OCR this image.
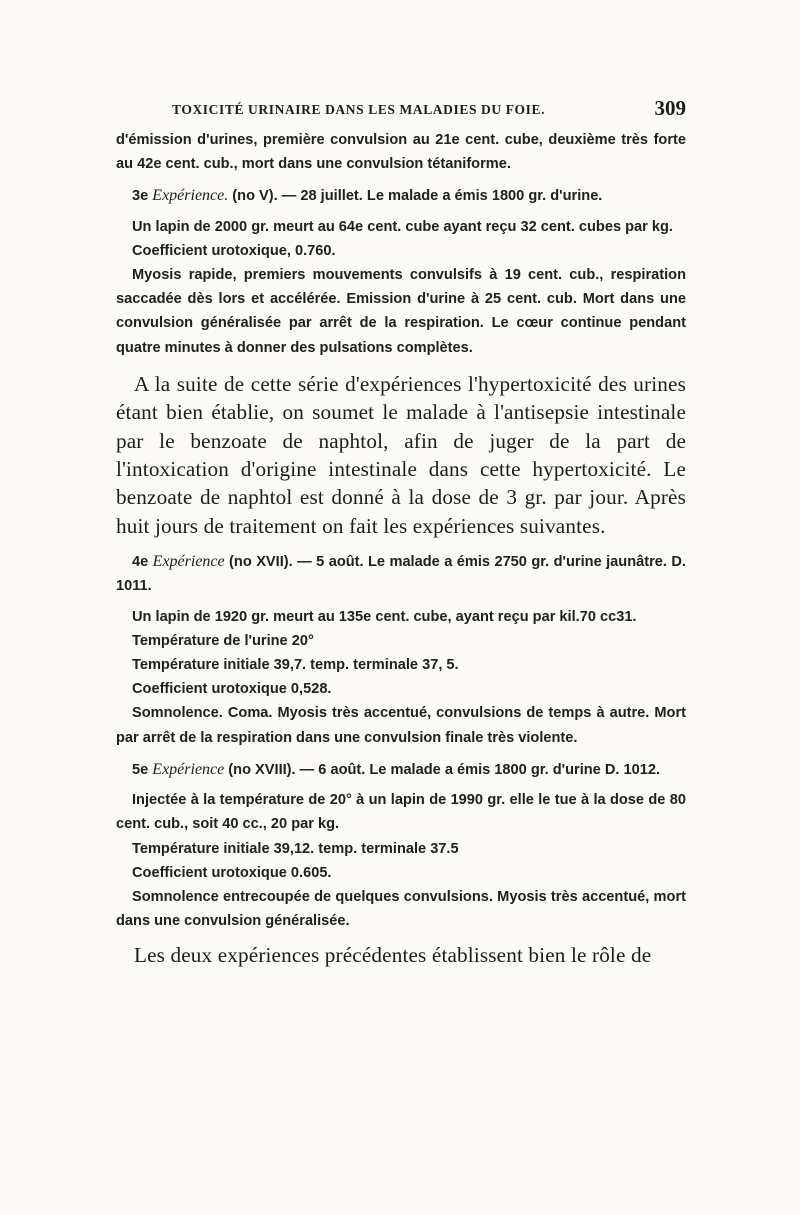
TOXICITÉ URINAIRE DANS LES MALADIES DU FOIE.	309

d'émission d'urines, première convulsion au 21e cent. cube, deuxième très forte au 42e cent. cub., mort dans une convulsion tétaniforme.

3e Expérience. (no V). — 28 juillet. Le malade a émis 1800 gr. d'urine.

Un lapin de 2000 gr. meurt au 64e cent. cube ayant reçu 32 cent. cubes par kg.

Coefficient urotoxique, 0.760.

Myosis rapide, premiers mouvements convulsifs à 19 cent. cub., respiration saccadée dès lors et accélérée. Emission d'urine à 25 cent. cub. Mort dans une convulsion généralisée par arrêt de la respiration. Le cœur continue pendant quatre minutes à donner des pulsations complètes.

A la suite de cette série d'expériences l'hypertoxicité des urines étant bien établie, on soumet le malade à l'antisepsie intestinale par le benzoate de naphtol, afin de juger de la part de l'intoxication d'origine intestinale dans cette hypertoxicité. Le benzoate de naphtol est donné à la dose de 3 gr. par jour. Après huit jours de traitement on fait les expériences suivantes.

4e Expérience (no XVII). — 5 août. Le malade a émis 2750 gr. d'urine jaunâtre. D. 1011.

Un lapin de 1920 gr. meurt au 135e cent. cube, ayant reçu par kil.70 cc31.

Température de l'urine 20°

Température initiale 39,7. temp. terminale 37, 5.

Coefficient urotoxique 0,528.

Somnolence. Coma. Myosis très accentué, convulsions de temps à autre. Mort par arrêt de la respiration dans une convulsion finale très violente.

5e Expérience (no XVIII). — 6 août. Le malade a émis 1800 gr. d'urine D. 1012.

Injectée à la température de 20° à un lapin de 1990 gr. elle le tue à la dose de 80 cent. cub., soit 40 cc., 20 par kg.

Température initiale 39,12. temp. terminale 37.5

Coefficient urotoxique 0.605.

Somnolence entrecoupée de quelques convulsions. Myosis très accentué, mort dans une convulsion généralisée.

Les deux expériences précédentes établissent bien le rôle de
